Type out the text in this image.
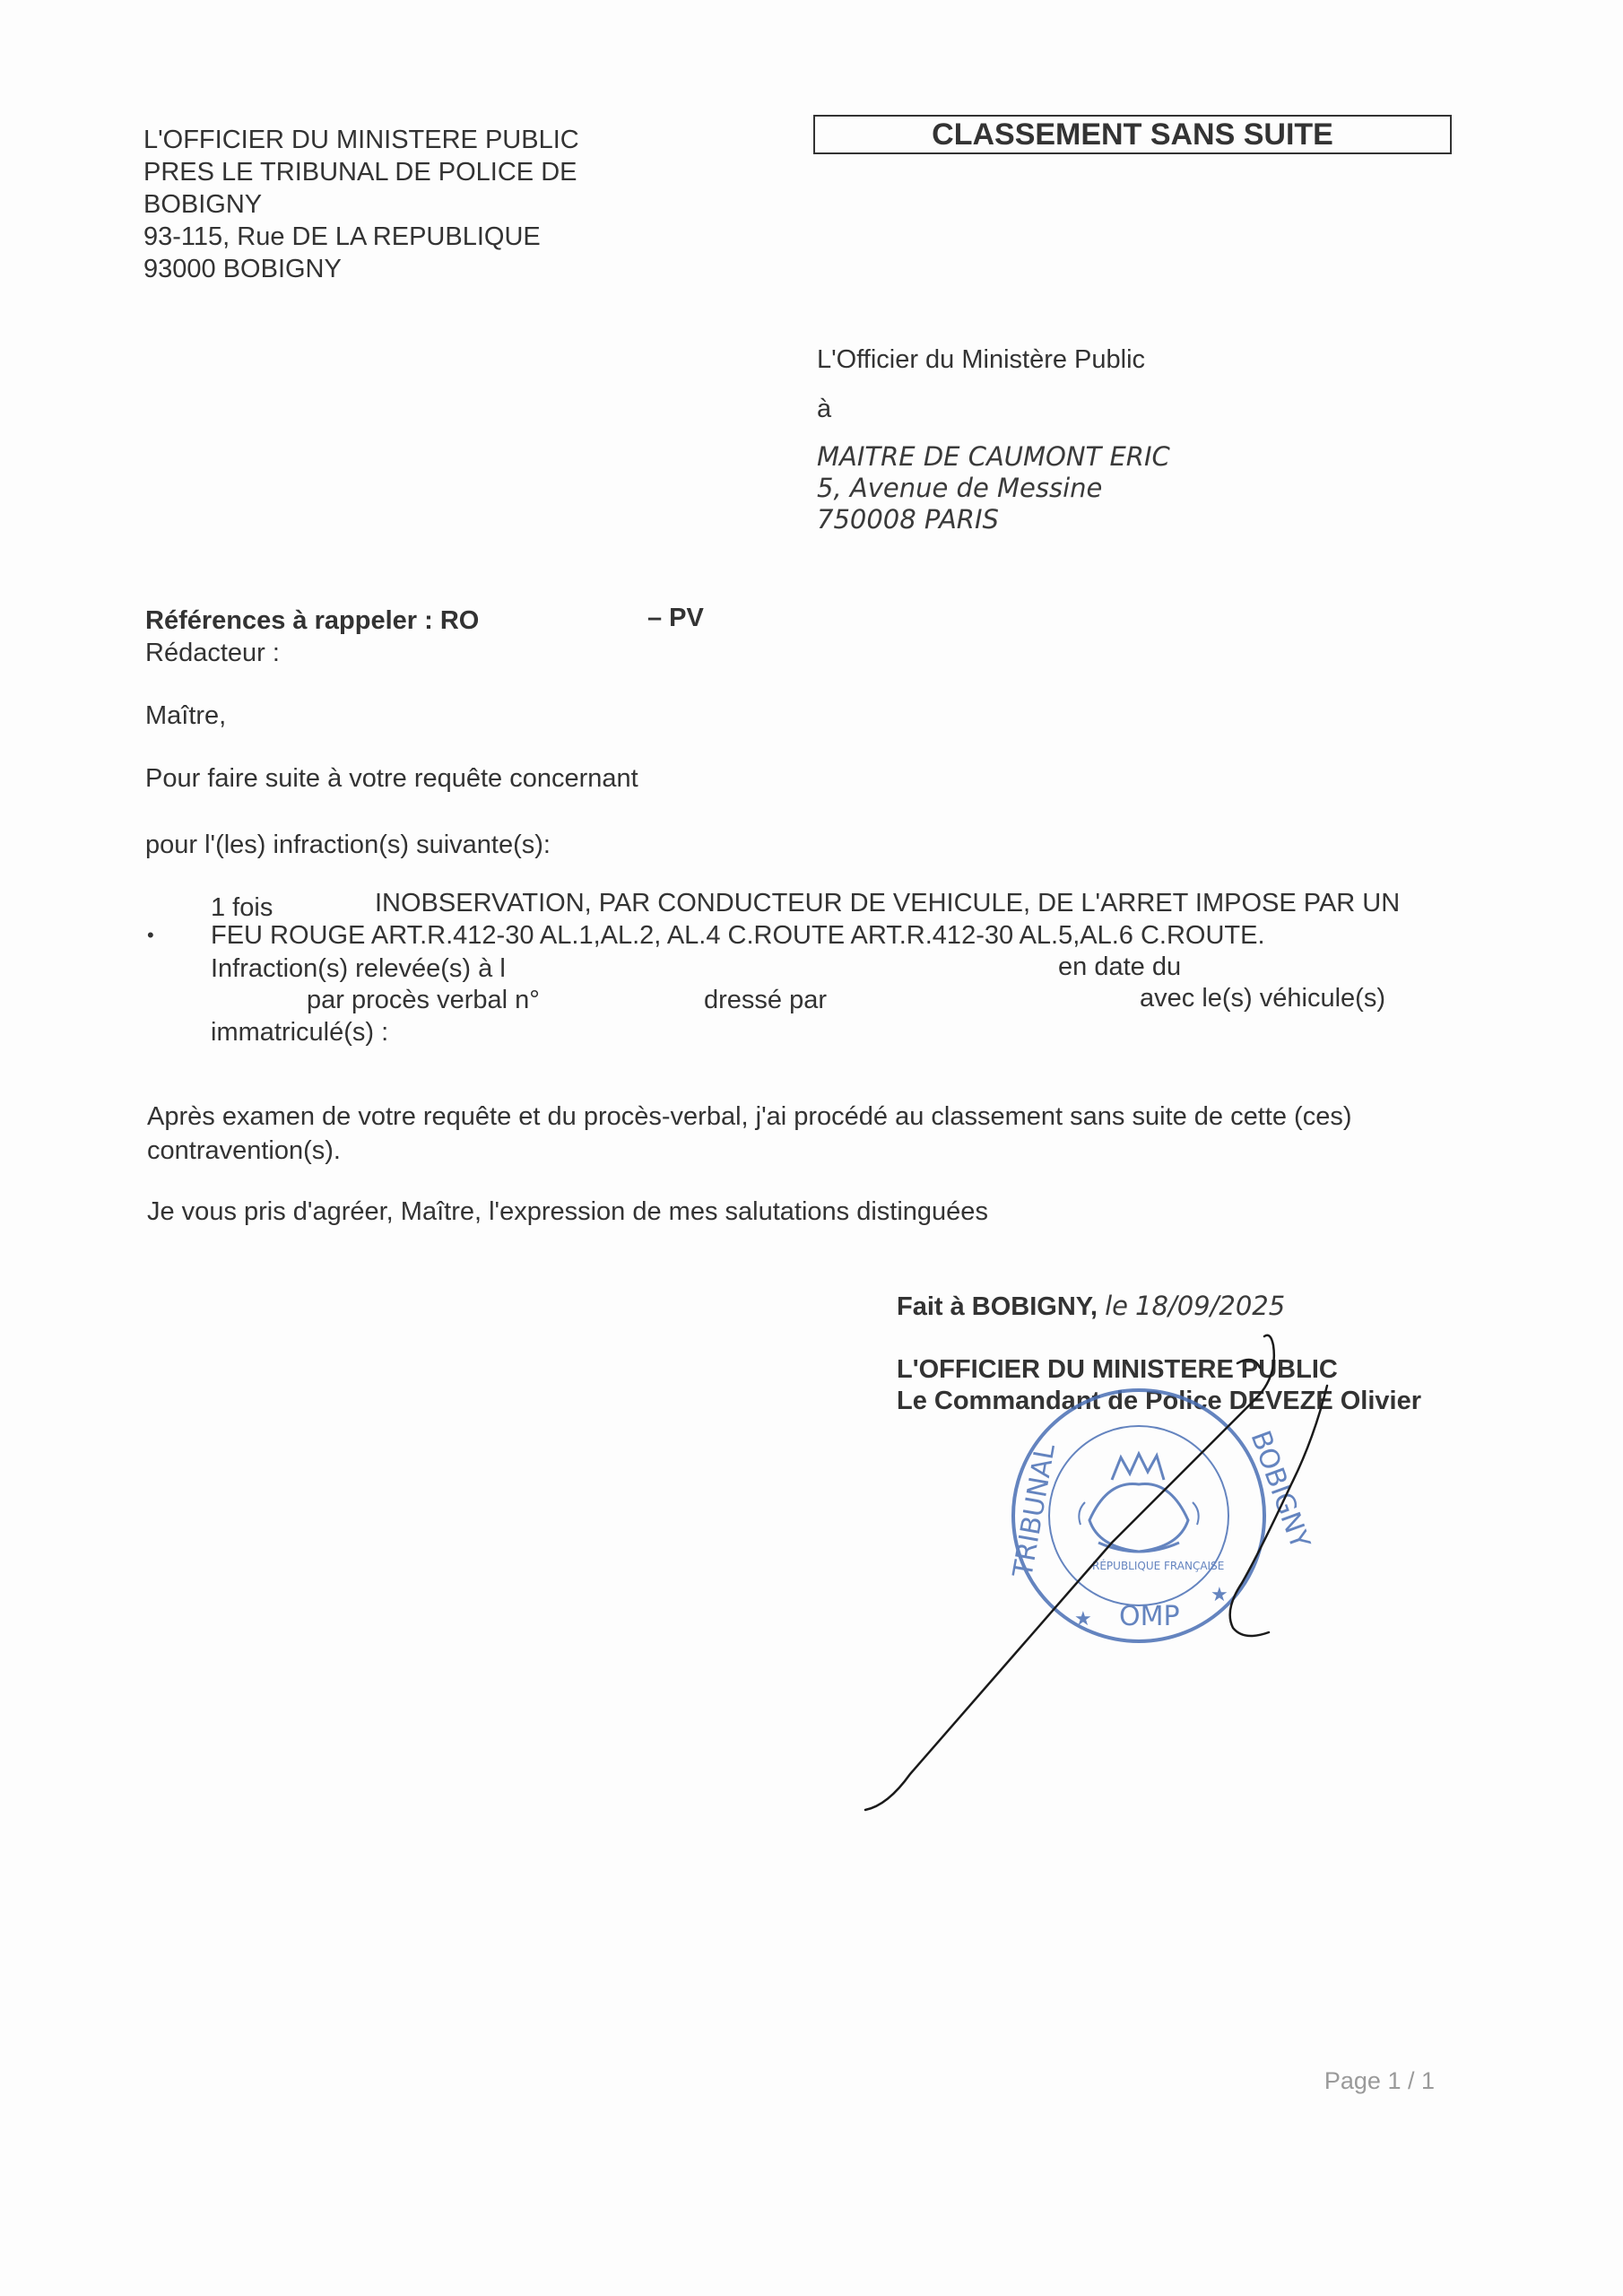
L'OFFICIER DU MINISTERE PUBLIC
PRES LE TRIBUNAL DE POLICE DE
BOBIGNY
93-115, Rue DE LA REPUBLIQUE
93000 BOBIGNY
CLASSEMENT SANS SUITE
L'Officier du Ministère Public
à
MAITRE DE CAUMONT ERIC
5, Avenue de Messine
750008 PARIS
Références à rappeler : RO	– PV
Rédacteur :
Maître,
Pour faire suite à votre requête concernant
pour l'(les) infraction(s) suivante(s):
1 fois	INOBSERVATION, PAR CONDUCTEUR DE VEHICULE, DE L'ARRET IMPOSE PAR UN
• FEU ROUGE ART.R.412-30 AL.1,AL.2, AL.4 C.ROUTE ART.R.412-30 AL.5,AL.6 C.ROUTE.
Infraction(s) relevée(s) à l	en date du
par procès verbal n°	dressé par	avec le(s) véhicule(s)
immatriculé(s) :
Après examen de votre requête et du procès-verbal, j'ai procédé au classement sans suite de cette (ces)
contravention(s).
Je vous pris d'agréer, Maître, l'expression de mes salutations distinguées
Fait à BOBIGNY, le 18/09/2025
L'OFFICIER DU MINISTERE PUBLIC
Le Commandant de Police DEVEZE Olivier
RÉPUBLIQUE FRANÇAISE
OMP
★
★
TRIBUNAL	BOBIGNY
Page 1 / 1
